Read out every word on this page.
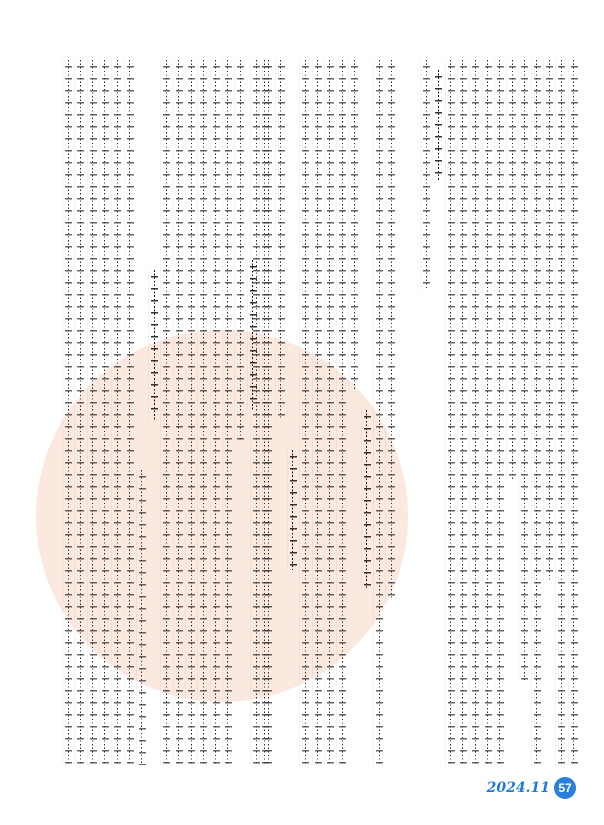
2024.11 57
